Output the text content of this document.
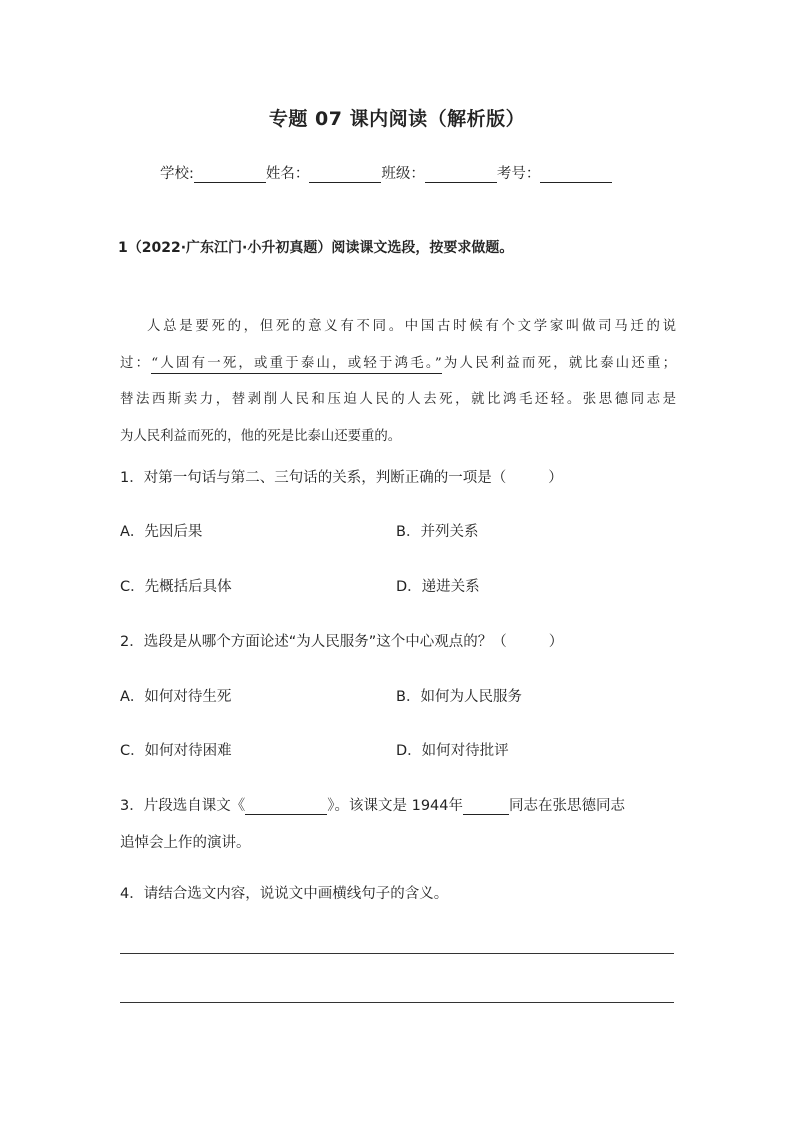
专题 07 课内阅读（解析版）
学校:	姓名：	班级：	考号：
1（2022·广东江门·小升初真题）阅读课文选段，按要求做题。

人总是要死的，但死的意义有不同。中国古时候有个文学家叫做司马迁的说

过：“人固有一死，或重于泰山，或轻于鸿毛。”为人民利益而死，就比泰山还重；

替法西斯卖力，替剥削人民和压迫人民的人去死，就比鸿毛还轻。张思德同志是

为人民利益而死的，他的死是比泰山还要重的。

1．对第一句话与第二、三句话的关系，判断正确的一项是（	）
A．先因后果	B．并列关系
C．先概括后具体	D．递进关系
2．选段是从哪个方面论述“为人民服务”这个中心观点的？（	）
A．如何对待生死	B．如何为人民服务
C．如何对待困难	D．如何对待批评
3．片段选自课文《	》。该课文是 1944年	同志在张思德同志
追悼会上作的演讲。
4．请结合选文内容，说说文中画横线句子的含义。
